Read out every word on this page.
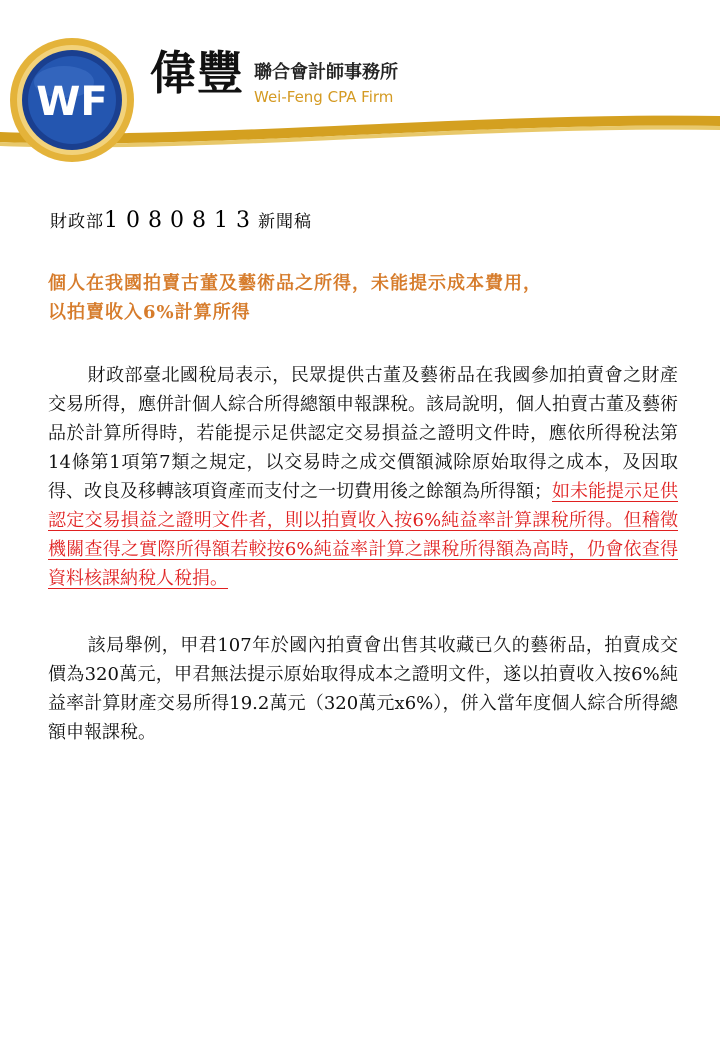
WF
偉豐 聯合會計師事務所
Wei-Feng CPA Firm
財政部1080813新聞稿
個人在我國拍賣古董及藝術品之所得，未能提示成本費用，
以拍賣收入6%計算所得

財政部臺北國稅局表示，民眾提供古董及藝術品在我國參加拍賣會之財產交易所得，應併計個人綜合所得總額申報課稅。該局說明，個人拍賣古董及藝術品於計算所得時，若能提示足供認定交易損益之證明文件時，應依所得稅法第14條第1項第7類之規定，以交易時之成交價額減除原始取得之成本，及因取得、改良及移轉該項資產而支付之一切費用後之餘額為所得額；如未能提示足供認定交易損益之證明文件者，則以拍賣收入按6%純益率計算課稅所得。但稽徵機關查得之實際所得額若較按6%純益率計算之課稅所得額為高時，仍會依查得資料核課納稅人稅捐。

該局舉例，甲君107年於國內拍賣會出售其收藏已久的藝術品，拍賣成交價為320萬元，甲君無法提示原始取得成本之證明文件，遂以拍賣收入按6%純益率計算財產交易所得19.2萬元（320萬元x6%），併入當年度個人綜合所得總額申報課稅。
